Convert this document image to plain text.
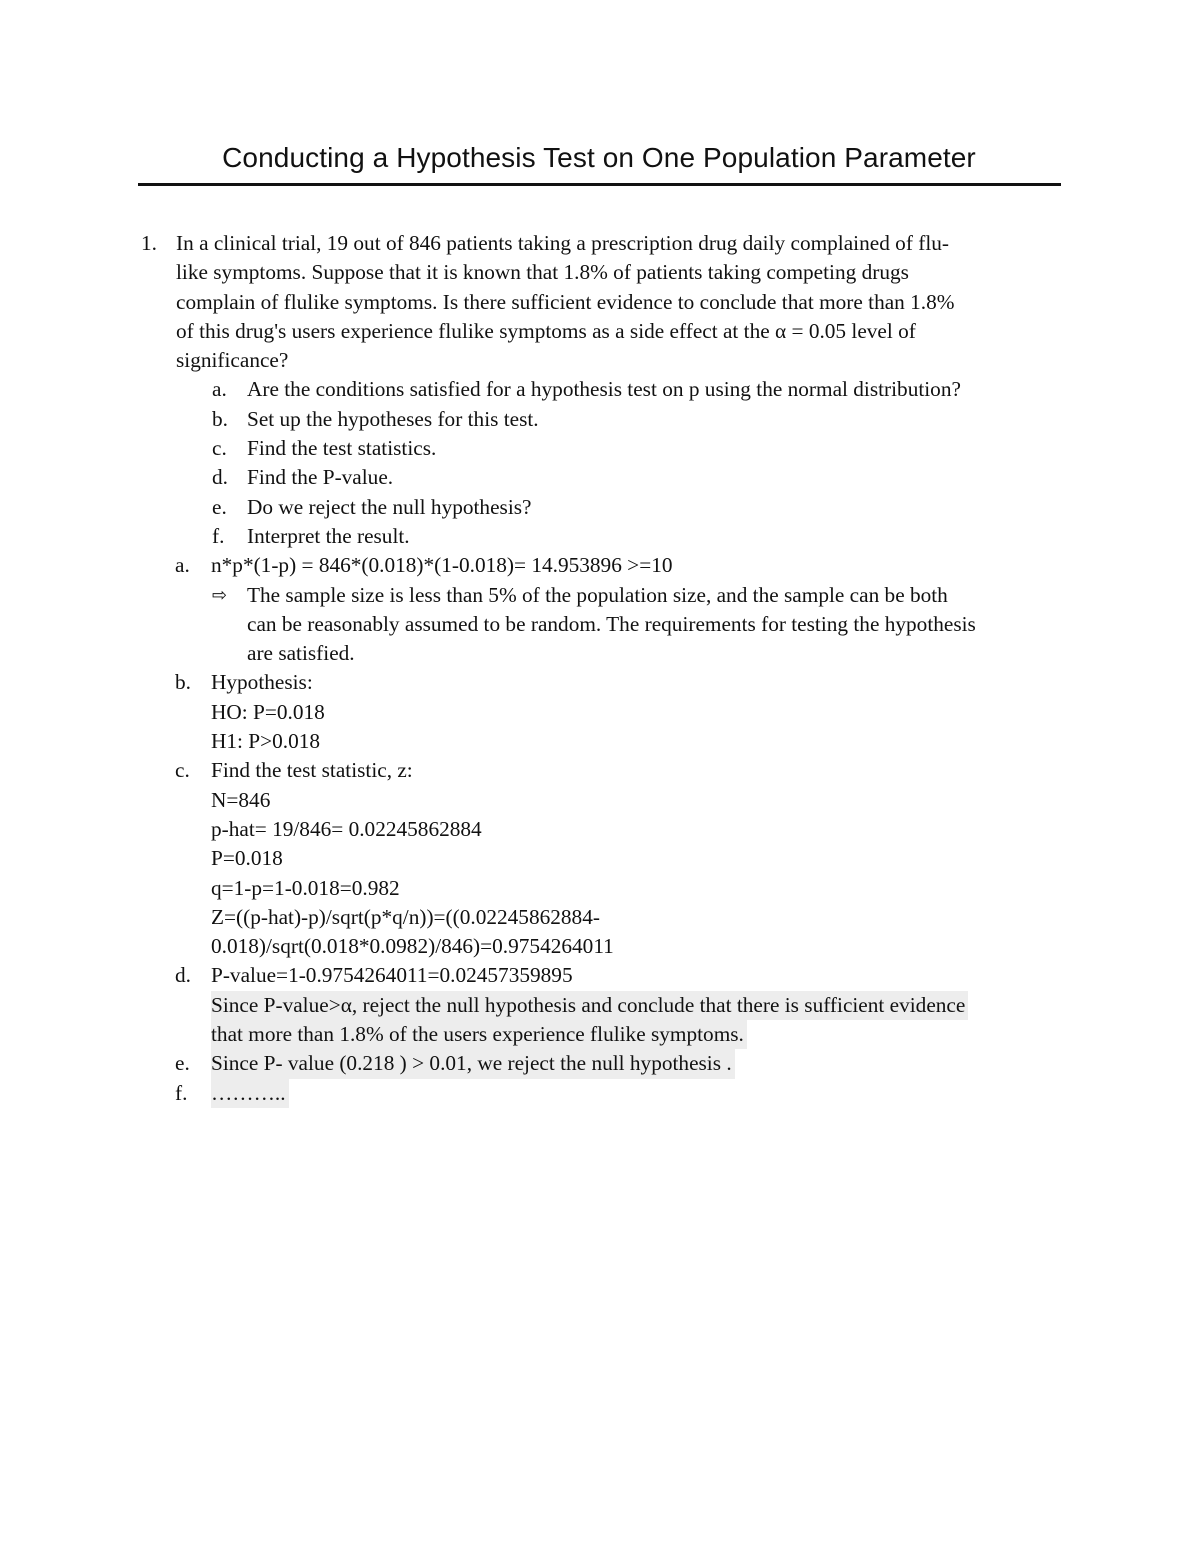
Conducting a Hypothesis Test on One Population Parameter
1. In a clinical trial, 19 out of 846 patients taking a prescription drug daily complained of flu-
like symptoms. Suppose that it is known that 1.8% of patients taking competing drugs
complain of flulike symptoms. Is there sufficient evidence to conclude that more than 1.8%
of this drug's users experience flulike symptoms as a side effect at the α = 0.05 level of
significance?
a. Are the conditions satisfied for a hypothesis test on p using the normal distribution?
b. Set up the hypotheses for this test.
c. Find the test statistics.
d. Find the P-value.
e. Do we reject the null hypothesis?
f. Interpret the result.
a. n*p*(1-p) = 846*(0.018)*(1-0.018)= 14.953896 >=10
⇨ The sample size is less than 5% of the population size, and the sample can be both
can be reasonably assumed to be random. The requirements for testing the hypothesis
are satisfied.
b. Hypothesis:
HO: P=0.018
H1: P>0.018
c. Find the test statistic, z:
N=846
p-hat= 19/846= 0.02245862884
P=0.018
q=1-p=1-0.018=0.982
Z=((p-hat)-p)/sqrt(p*q/n))=((0.02245862884-
0.018)/sqrt(0.018*0.0982)/846)=0.9754264011
d. P-value=1-0.9754264011=0.02457359895
Since P-value>α, reject the null hypothesis and conclude that there is sufficient evidence
that more than 1.8% of the users experience flulike symptoms.
e. Since P- value (0.218 ) > 0.01, we reject the null hypothesis .
f. ………..
